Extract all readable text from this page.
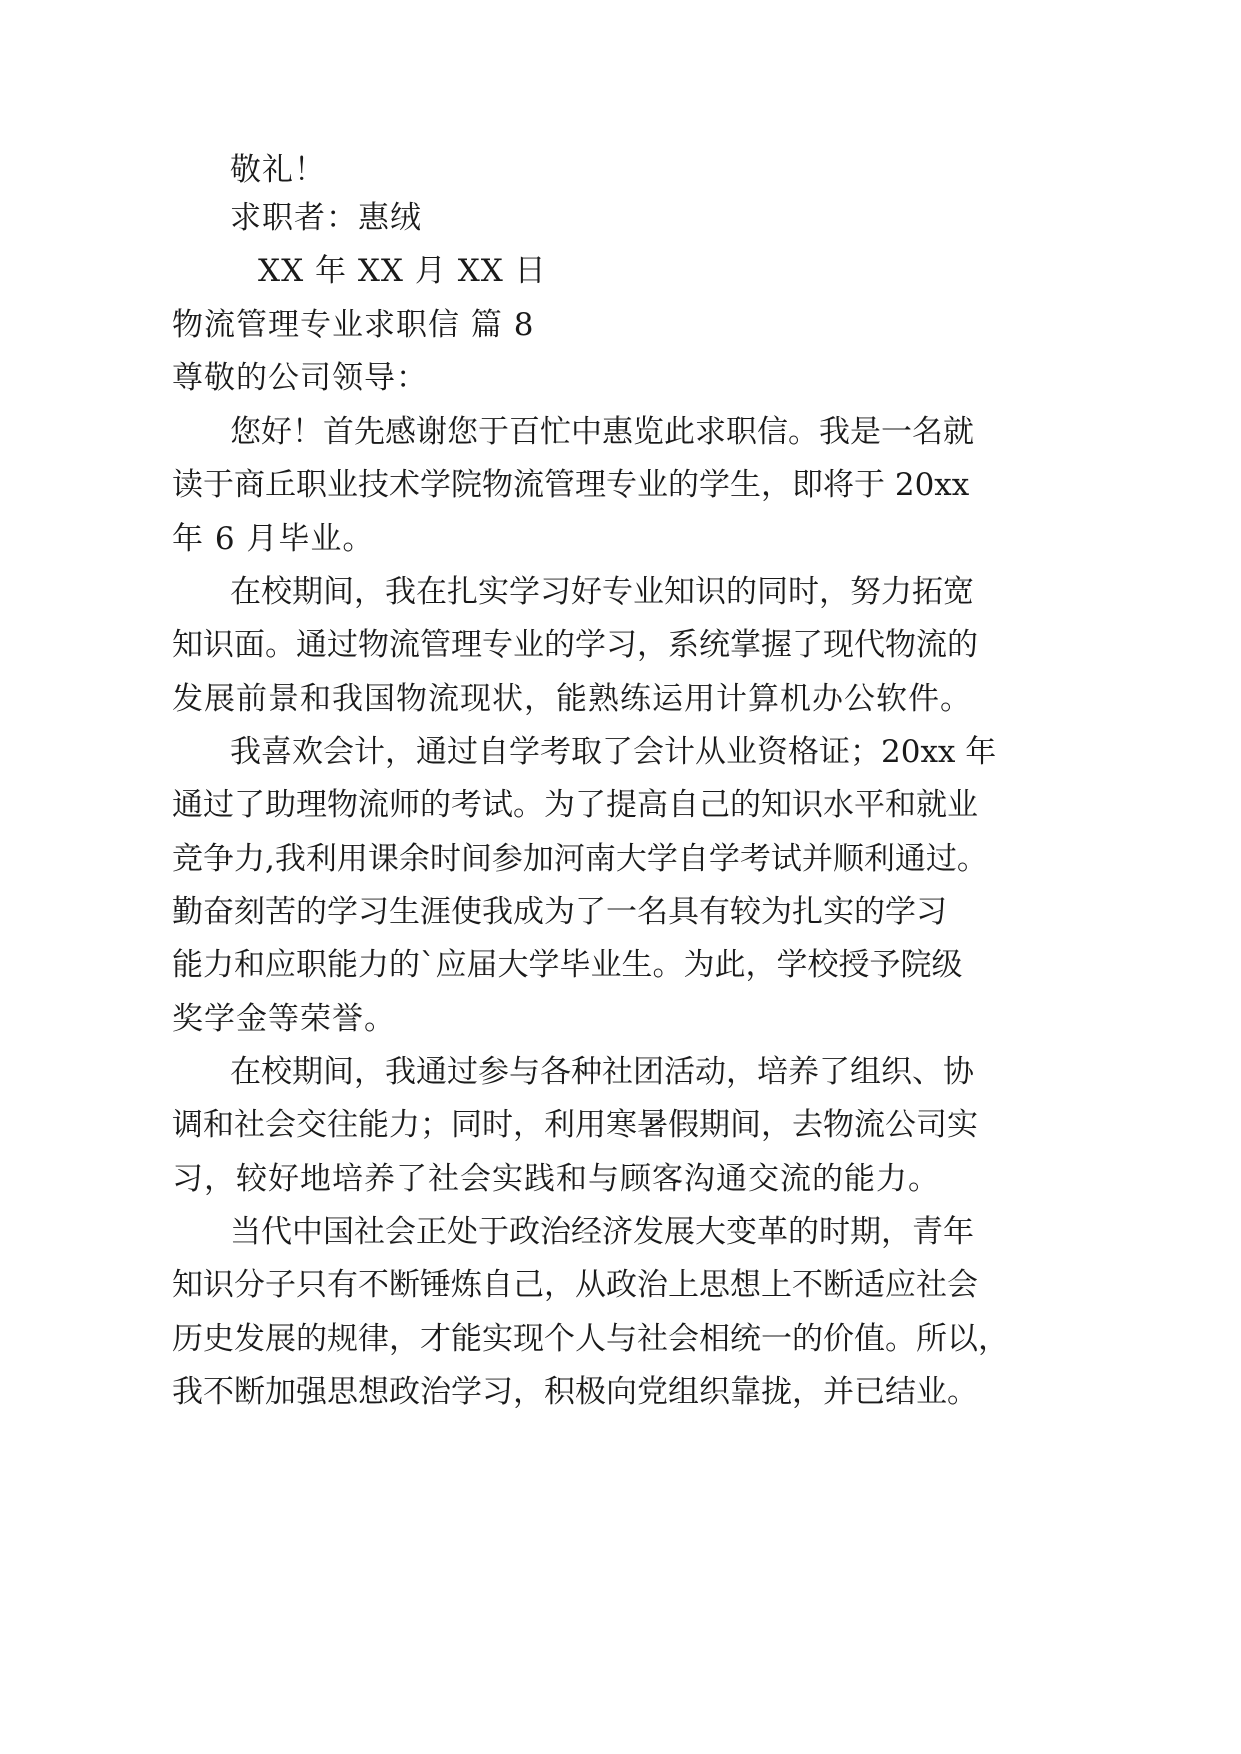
敬礼！
求职者：惠绒
XX 年 XX 月 XX 日
物流管理专业求职信 篇 8
尊敬的公司领导：
您好！首先感谢您于百忙中惠览此求职信。我是一名就
读于商丘职业技术学院物流管理专业的学生，即将于 20xx
年 6 月毕业。
在校期间，我在扎实学习好专业知识的同时，努力拓宽
知识面。通过物流管理专业的学习，系统掌握了现代物流的
发展前景和我国物流现状，能熟练运用计算机办公软件。
我喜欢会计，通过自学考取了会计从业资格证；20xx 年
通过了助理物流师的考试。为了提高自己的知识水平和就业
竞争力,我利用课余时间参加河南大学自学考试并顺利通过。
勤奋刻苦的学习生涯使我成为了一名具有较为扎实的学习
能力和应职能力的`应届大学毕业生。为此，学校授予院级
奖学金等荣誉。
在校期间，我通过参与各种社团活动，培养了组织、协
调和社会交往能力；同时，利用寒暑假期间，去物流公司实
习，较好地培养了社会实践和与顾客沟通交流的能力。
当代中国社会正处于政治经济发展大变革的时期，青年
知识分子只有不断锤炼自己，从政治上思想上不断适应社会
历史发展的规律，才能实现个人与社会相统一的价值。所以，
我不断加强思想政治学习，积极向党组织靠拢，并已结业。
